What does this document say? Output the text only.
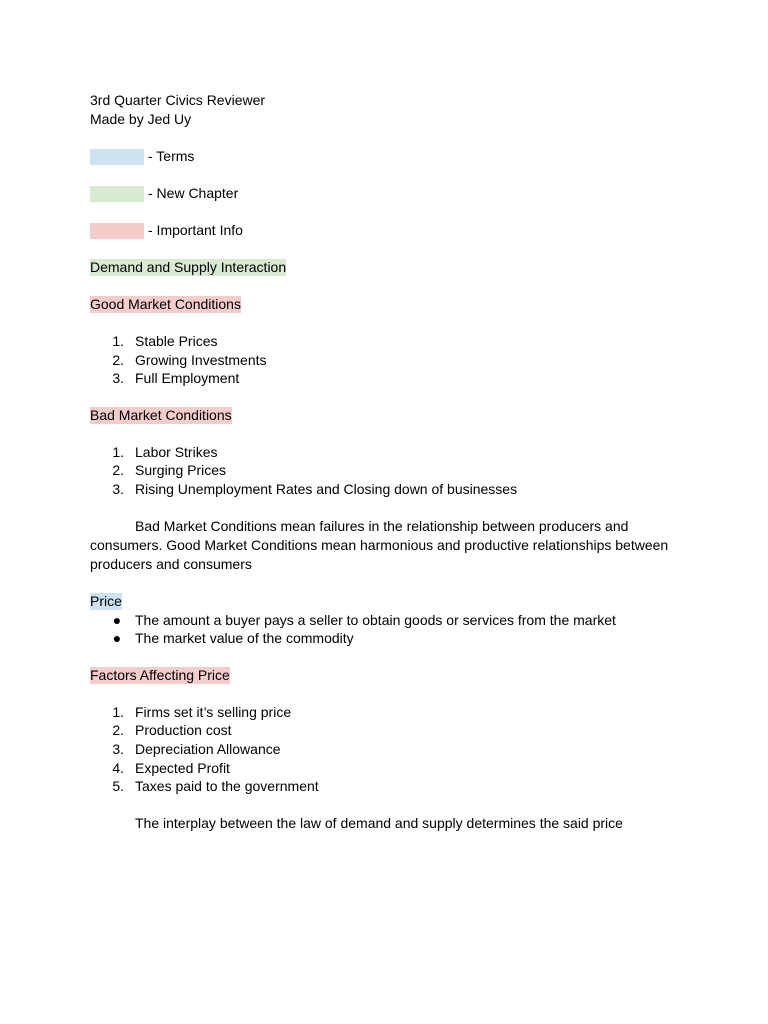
3rd Quarter Civics Reviewer
Made by Jed Uy
- Terms
- New Chapter
- Important Info
Demand and Supply Interaction
Good Market Conditions
1. Stable Prices
2. Growing Investments
3. Full Employment
Bad Market Conditions
1. Labor Strikes
2. Surging Prices
3. Rising Unemployment Rates and Closing down of businesses
Bad Market Conditions mean failures in the relationship between producers and consumers. Good Market Conditions mean harmonious and productive relationships between producers and consumers
Price
● The amount a buyer pays a seller to obtain goods or services from the market
● The market value of the commodity
Factors Affecting Price
1. Firms set it’s selling price
2. Production cost
3. Depreciation Allowance
4. Expected Profit
5. Taxes paid to the government
The interplay between the law of demand and supply determines the said price
